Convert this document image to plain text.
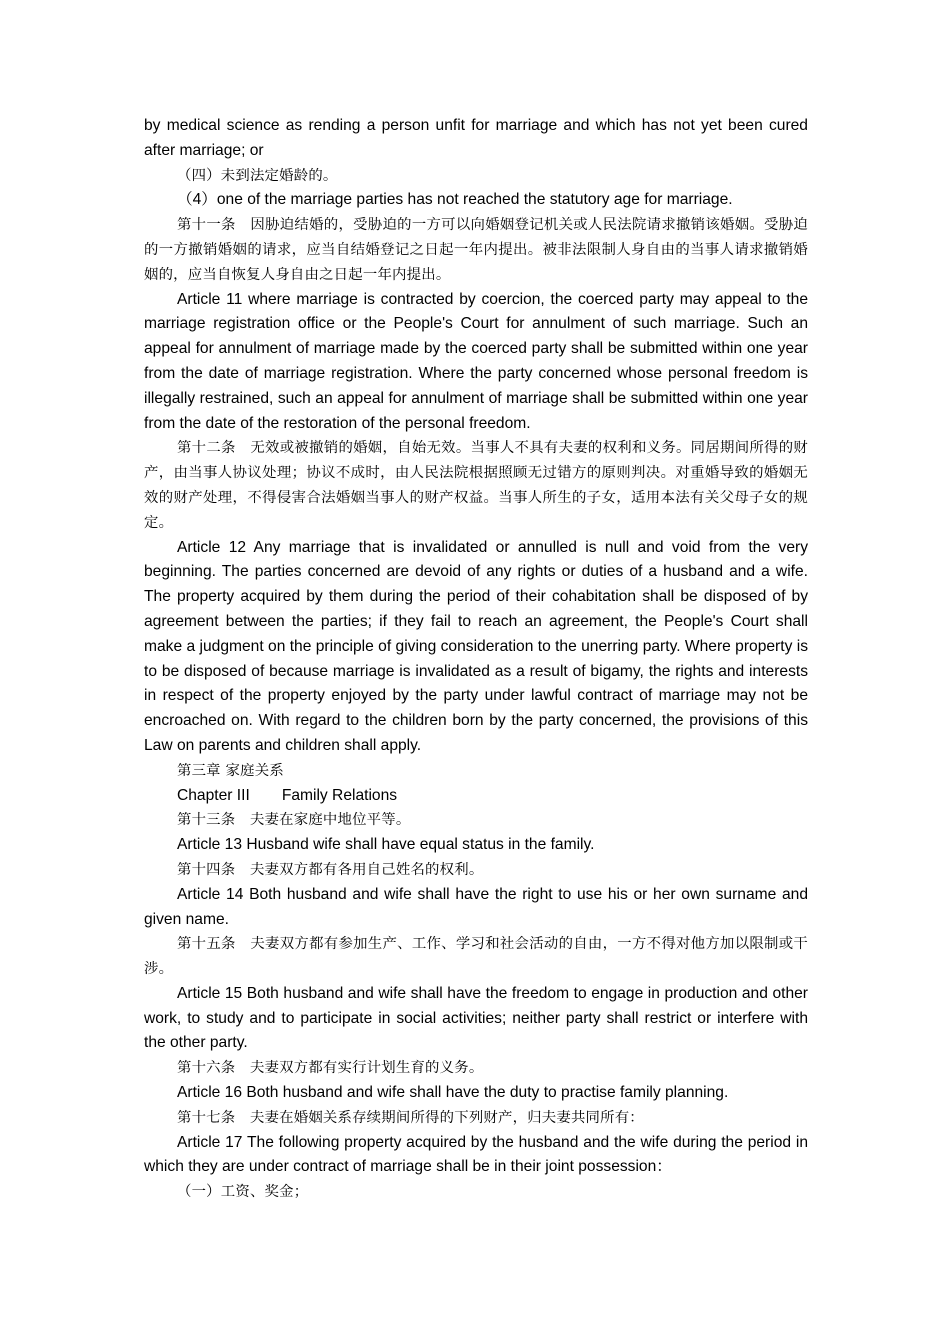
by medical science as rending a person unfit for marriage and which has not yet been cured after marriage; or

（四）未到法定婚龄的。

（4）one of the marriage parties has not reached the statutory age for marriage.

第十一条　因胁迫结婚的，受胁迫的一方可以向婚姻登记机关或人民法院请求撤销该婚姻。受胁迫的一方撤销婚姻的请求，应当自结婚登记之日起一年内提出。被非法限制人身自由的当事人请求撤销婚姻的，应当自恢复人身自由之日起一年内提出。

Article 11 where marriage is contracted by coercion, the coerced party may appeal to the marriage registration office or the People's Court for annulment of such marriage. Such an appeal for annulment of marriage made by the coerced party shall be submitted within one year from the date of marriage registration. Where the party concerned whose personal freedom is illegally restrained, such an appeal for annulment of marriage shall be submitted within one year from the date of the restoration of the personal freedom.

第十二条　无效或被撤销的婚姻，自始无效。当事人不具有夫妻的权利和义务。同居期间所得的财产，由当事人协议处理；协议不成时，由人民法院根据照顾无过错方的原则判决。对重婚导致的婚姻无效的财产处理，不得侵害合法婚姻当事人的财产权益。当事人所生的子女，适用本法有关父母子女的规定。

Article 12 Any marriage that is invalidated or annulled is null and void from the very beginning. The parties concerned are devoid of any rights or duties of a husband and a wife. The property acquired by them during the period of their cohabitation shall be disposed of by agreement between the parties; if they fail to reach an agreement, the People's Court shall make a judgment on the principle of giving consideration to the unerring party. Where property is to be disposed of because marriage is invalidated as a result of bigamy, the rights and interests in respect of the property enjoyed by the party under lawful contract of marriage may not be encroached on. With regard to the children born by the party concerned, the provisions of this Law on parents and children shall apply.

第三章 家庭关系

Chapter III Family Relations

第十三条　夫妻在家庭中地位平等。

Article 13 Husband wife shall have equal status in the family.

第十四条　夫妻双方都有各用自己姓名的权利。

Article 14 Both husband and wife shall have the right to use his or her own surname and given name.

第十五条　夫妻双方都有参加生产、工作、学习和社会活动的自由，一方不得对他方加以限制或干涉。

Article 15 Both husband and wife shall have the freedom to engage in production and other work, to study and to participate in social activities; neither party shall restrict or interfere with the other party.

第十六条　夫妻双方都有实行计划生育的义务。

Article 16 Both husband and wife shall have the duty to practise family planning.

第十七条　夫妻在婚姻关系存续期间所得的下列财产，归夫妻共同所有：

Article 17 The following property acquired by the husband and the wife during the period in which they are under contract of marriage shall be in their joint possession：

（一）工资、奖金；
